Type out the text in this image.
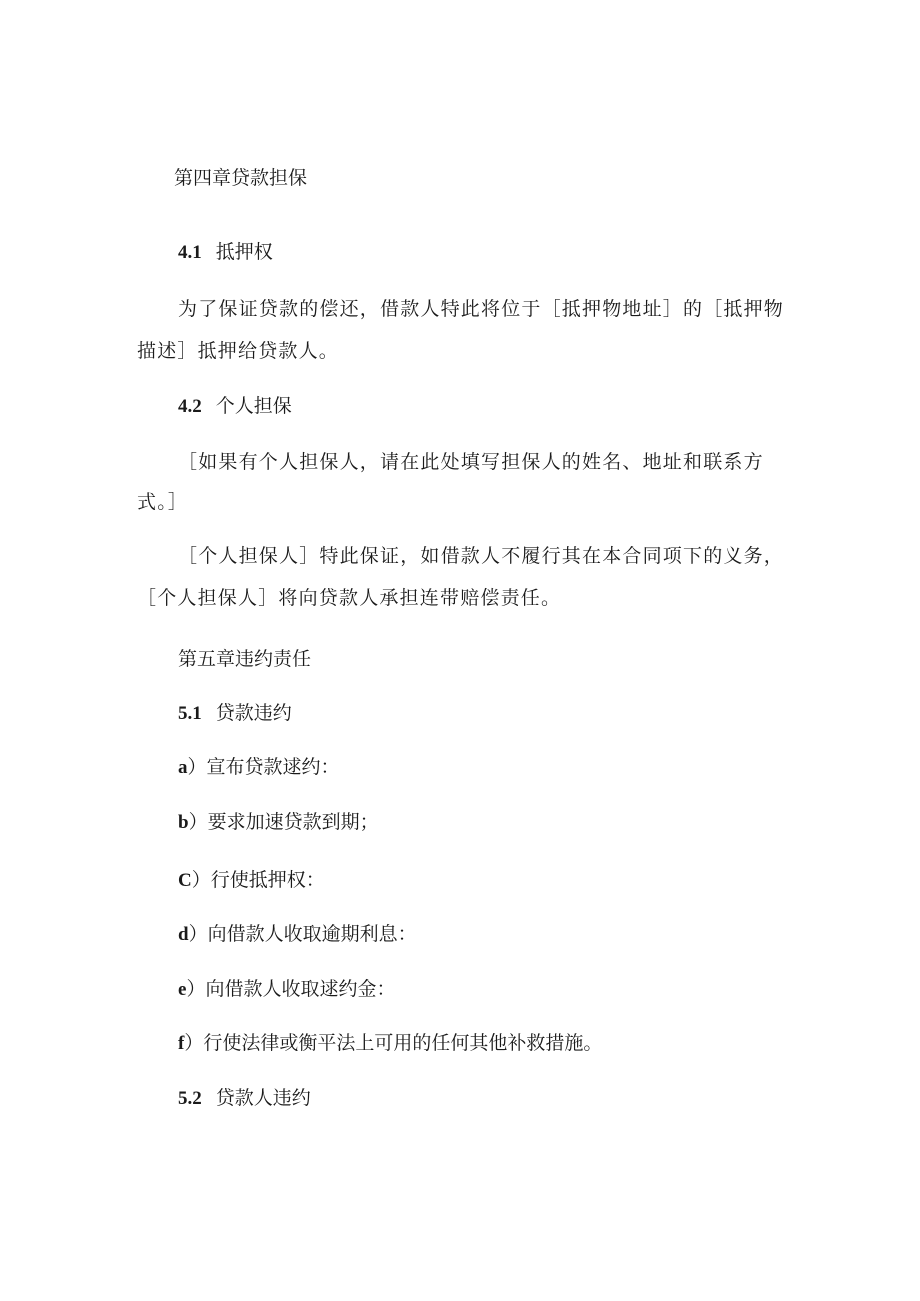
第四章贷款担保
4.1 抵押权
为了保证贷款的偿还，借款人特此将位于［抵押物地址］的［抵押物
描述］抵押给贷款人。
4.2 个人担保
［如果有个人担保人，请在此处填写担保人的姓名、地址和联系方
式。］
［个人担保人］特此保证，如借款人不履行其在本合同项下的义务，
［个人担保人］将向贷款人承担连带赔偿责任。
第五章违约责任
5.1 贷款违约
a）宣布贷款逑约：
b）要求加速贷款到期；
C）行使抵押权：
d）向借款人收取逾期利息：
e）向借款人收取逑约金：
f）行使法律或衡平法上可用的任何其他补救措施。
5.2 贷款人违约
